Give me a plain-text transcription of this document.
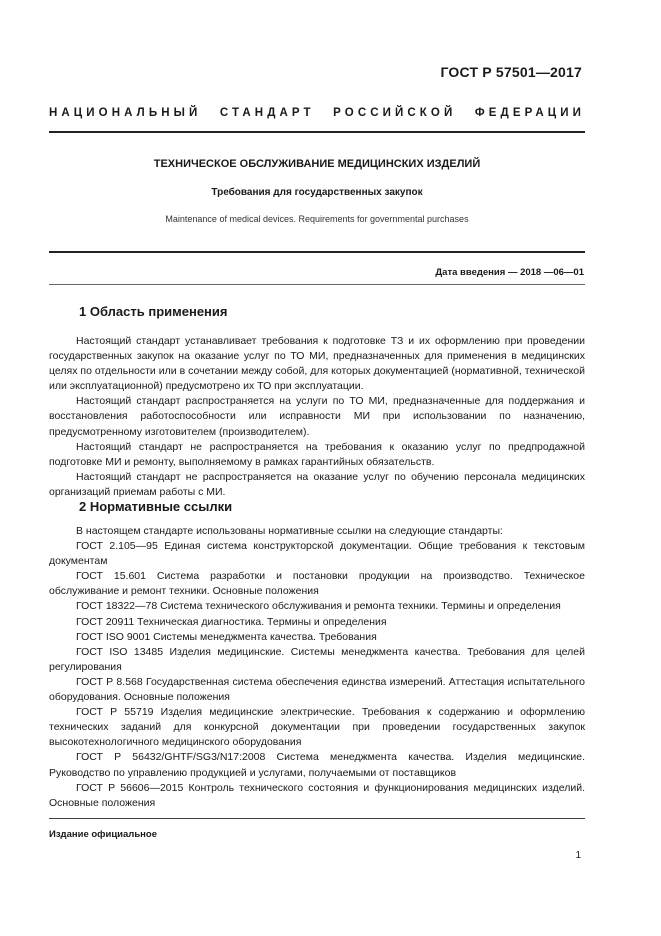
ГОСТ Р 57501—2017
НАЦИОНАЛЬНЫЙ СТАНДАРТ РОССИЙСКОЙ ФЕДЕРАЦИИ
ТЕХНИЧЕСКОЕ ОБСЛУЖИВАНИЕ МЕДИЦИНСКИХ ИЗДЕЛИЙ
Требования для государственных закупок
Maintenance of medical devices. Requirements for governmental purchases
Дата введения — 2018 —06—01
1 Область применения

Настоящий стандарт устанавливает требования к подготовке ТЗ и их оформлению при проведении государственных закупок на оказание услуг по ТО МИ, предназначенных для применения в медицинских целях по отдельности или в сочетании между собой, для которых документацией (нормативной, технической или эксплуатационной) предусмотрено их ТО при эксплуатации.

Настоящий стандарт распространяется на услуги по ТО МИ, предназначенные для поддержания и восстановления работоспособности или исправности МИ при использовании по назначению, предусмотренному изготовителем (производителем).

Настоящий стандарт не распространяется на требования к оказанию услуг по предпродажной подготовке МИ и ремонту, выполняемому в рамках гарантийных обязательств.

Настоящий стандарт не распространяется на оказание услуг по обучению персонала медицинских организаций приемам работы с МИ.

2 Нормативные ссылки

В настоящем стандарте использованы нормативные ссылки на следующие стандарты:

ГОСТ 2.105—95 Единая система конструкторской документации. Общие требования к текстовым документам

ГОСТ 15.601 Система разработки и постановки продукции на производство. Техническое обслуживание и ремонт техники. Основные положения

ГОСТ 18322—78 Система технического обслуживания и ремонта техники. Термины и определения

ГОСТ 20911 Техническая диагностика. Термины и определения

ГОСТ ISO 9001 Системы менеджмента качества. Требования

ГОСТ ISO 13485 Изделия медицинские. Системы менеджмента качества. Требования для целей регулирования

ГОСТ Р 8.568 Государственная система обеспечения единства измерений. Аттестация испытательного оборудования. Основные положения

ГОСТ Р 55719 Изделия медицинские электрические. Требования к содержанию и оформлению технических заданий для конкурсной документации при проведении государственных закупок высокотехнологичного медицинского оборудования

ГОСТ Р 56432/GHTF/SG3/N17:2008 Система менеджмента качества. Изделия медицинские. Руководство по управлению продукцией и услугами, получаемыми от поставщиков

ГОСТ Р 56606—2015 Контроль технического состояния и функционирования медицинских изделий. Основные положения

Издание официальное
1
